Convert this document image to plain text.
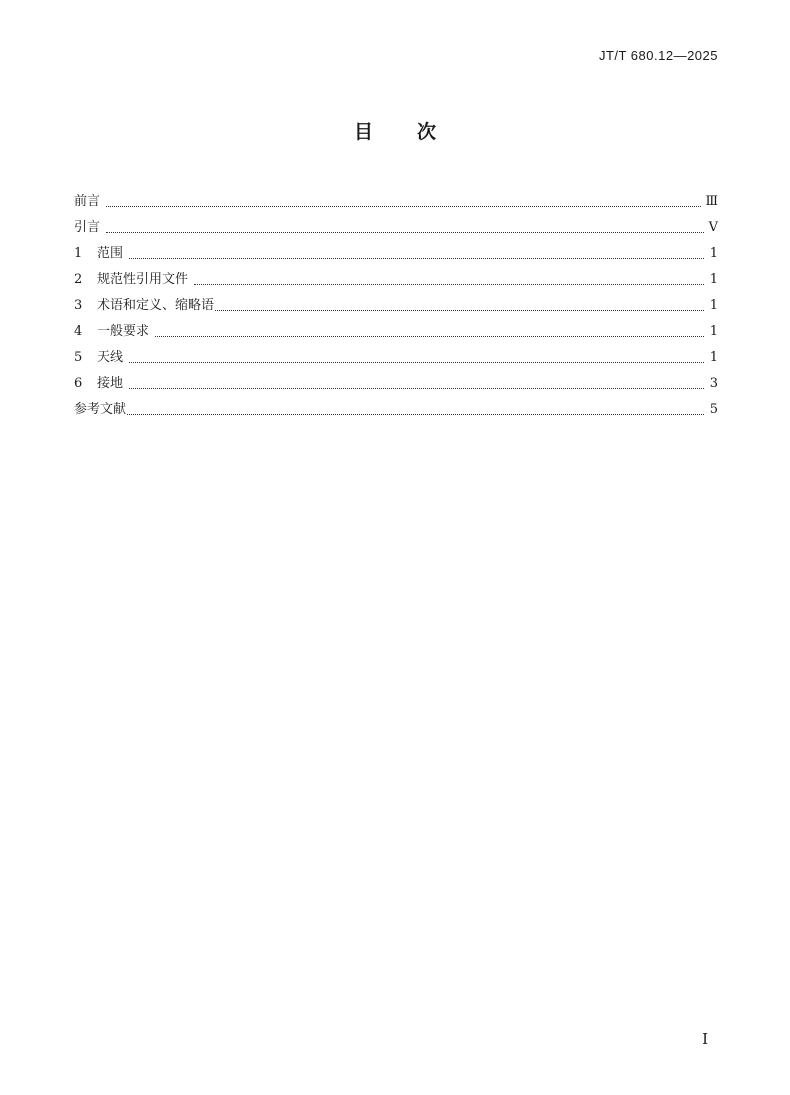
JT/T 680.12—2025
目 次
前言	Ⅲ
引言	Ⅴ
1	范围	1
2	规范性引用文件	1
3	术语和定义、缩略语	1
4	一般要求	1
5	天线	1
6	接地	3
参考文献	5
I
